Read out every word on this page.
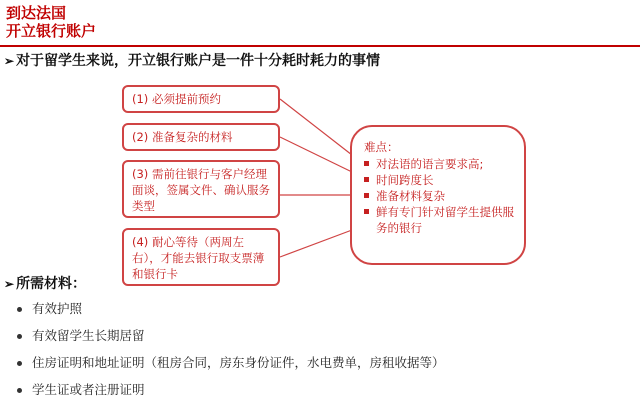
到达法国
开立银行账户
➢ 对于留学生来说，开立银行账户是一件十分耗时耗力的事情
(1) 必须提前预约
(2) 准备复杂的材料
(3) 需前往银行与客户经理面谈，签属文件、确认服务类型
(4) 耐心等待（两周左右），才能去银行取支票薄和银行卡
难点：
对法语的语言要求高;
时间跨度长
准备材料复杂
鲜有专门针对留学生提供服务的银行
➢ 所需材料：
有效护照
有效留学生长期居留
住房证明和地址证明（租房合同，房东身份证件，水电费单，房租收据等）
学生证或者注册证明
